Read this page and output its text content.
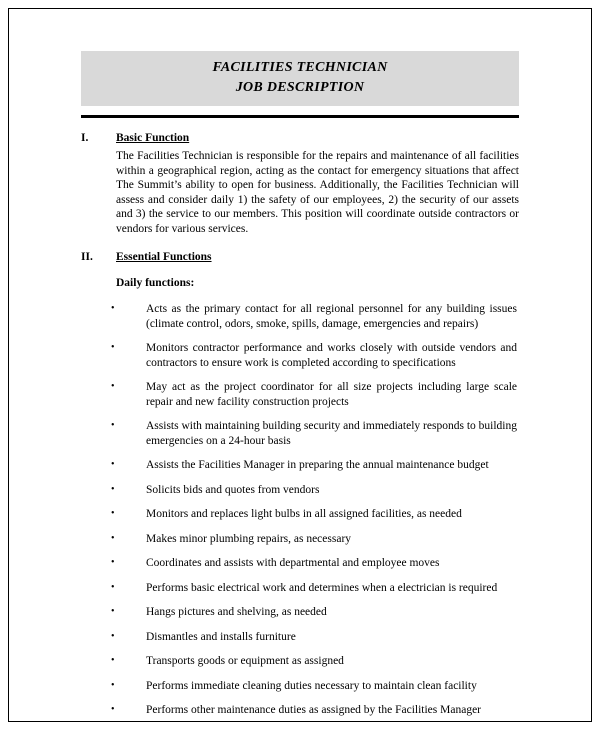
FACILITIES TECHNICIAN
JOB DESCRIPTION
I.	Basic Function

The Facilities Technician is responsible for the repairs and maintenance of all facilities within a geographical region, acting as the contact for emergency situations that affect The Summit’s ability to open for business. Additionally, the Facilities Technician will assess and consider daily 1) the safety of our employees, 2) the security of our assets and 3) the service to our members. This position will coordinate outside contractors or vendors for various services.

II.	Essential Functions
Daily functions:
•	Acts as the primary contact for all regional personnel for any building issues (climate control, odors, smoke, spills, damage, emergencies and repairs)
•	Monitors contractor performance and works closely with outside vendors and contractors to ensure work is completed according to specifications
•	May act as the project coordinator for all size projects including large scale repair and new facility construction projects
•	Assists with maintaining building security and immediately responds to building emergencies on a 24-hour basis
•	Assists the Facilities Manager in preparing the annual maintenance budget
•	Solicits bids and quotes from vendors
•	Monitors and replaces light bulbs in all assigned facilities, as needed
•	Makes minor plumbing repairs, as necessary
•	Coordinates and assists with departmental and employee moves
•	Performs basic electrical work and determines when a electrician is required
•	Hangs pictures and shelving, as needed
•	Dismantles and installs furniture
•	Transports goods or equipment as assigned
•	Performs immediate cleaning duties necessary to maintain clean facility
•	Performs other maintenance duties as assigned by the Facilities Manager
